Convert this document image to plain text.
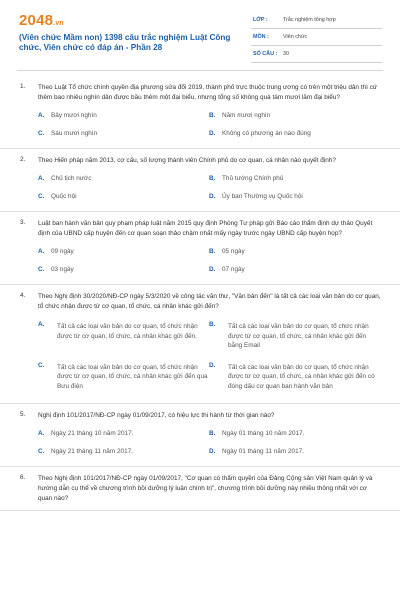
2048.vn
(Viên chức Mầm non) 1398 câu trắc nghiệm Luật Công chức, Viên chức có đáp án - Phần 28
LỚP :	Trắc nghiệm tổng hợp
MÔN :	Viên chức
SỐ CÂU : 30
1. Theo Luật Tổ chức chính quyền địa phương sửa đổi 2019, thành phố trực thuộc trung ương có trên một triệu dân thì cứ thêm bao nhiêu nghìn dân được bầu thêm một đại biểu, nhưng tổng số không quá tám mươi lăm đại biểu?
A. Bảy mươi nghìn	B. Năm mươi nghìn
C. Sáu mươi nghìn	D. Không có phương án nào đúng
2. Theo Hiến pháp năm 2013, cơ cấu, số lượng thành viên Chính phủ do cơ quan, cá nhân nào quyết định?
A. Chủ tịch nước	B. Thủ tướng Chính phủ
C. Quốc hội	D. Ủy ban Thường vụ Quốc hội
3. Luật ban hành văn bản quy phạm pháp luật năm 2015 quy định Phòng Tư pháp gửi Báo cáo thẩm định dự thảo Quyết định của UBND cấp huyện đến cơ quan soạn thảo chậm nhất mấy ngày trước ngày UBND cấp huyện họp?
A. 09 ngày	B. 05 ngày
C. 03 ngày	D. 07 ngày
4. Theo Nghị định 30/2020/NĐ-CP ngày 5/3/2020 về công tác văn thư, "Văn bản đến" là tất cả các loại văn bản do cơ quan, tổ chức nhận được từ cơ quan, tổ chức, cá nhân khác gửi đến?
A.	Tất cả các loại văn bản do cơ quan, tổ chức nhận được từ cơ quan, tổ chức, cá nhân khác gửi đến.
B.	Tất cả các loại văn bản do cơ quan, tổ chức nhận được từ cơ quan, tổ chức, cá nhân khác gửi đến bằng Email
C.	Tất cả các loại văn bản do cơ quan, tổ chức nhận được từ cơ quan, tổ chức, cá nhân khác gửi đến qua Bưu điện
D.	Tất cả các loại văn bản do cơ quan, tổ chức nhận được từ cơ quan, tổ chức, cá nhân khác gửi đến có đóng dấu cơ quan ban hành văn bản
5. Nghị định 101/2017/NĐ-CP ngày 01/09/2017, có hiệu lực thi hành từ thời gian nào?
A. Ngày 21 tháng 10 năm 2017.	B. Ngày 01 tháng 10 năm 2017.
C. Ngày 21 tháng 11 năm 2017.	D. Ngày 01 tháng 11 năm 2017.
6. Theo Nghị định 101/2017/NĐ-CP ngày 01/09/2017, "Cơ quan có thẩm quyền của Đảng Cộng sản Việt Nam quản lý và hướng dẫn cụ thể về chương trình bồi dưỡng lý luận chính trị", chương trình bồi dưỡng này nhiều thông nhất với cơ quan nào?
